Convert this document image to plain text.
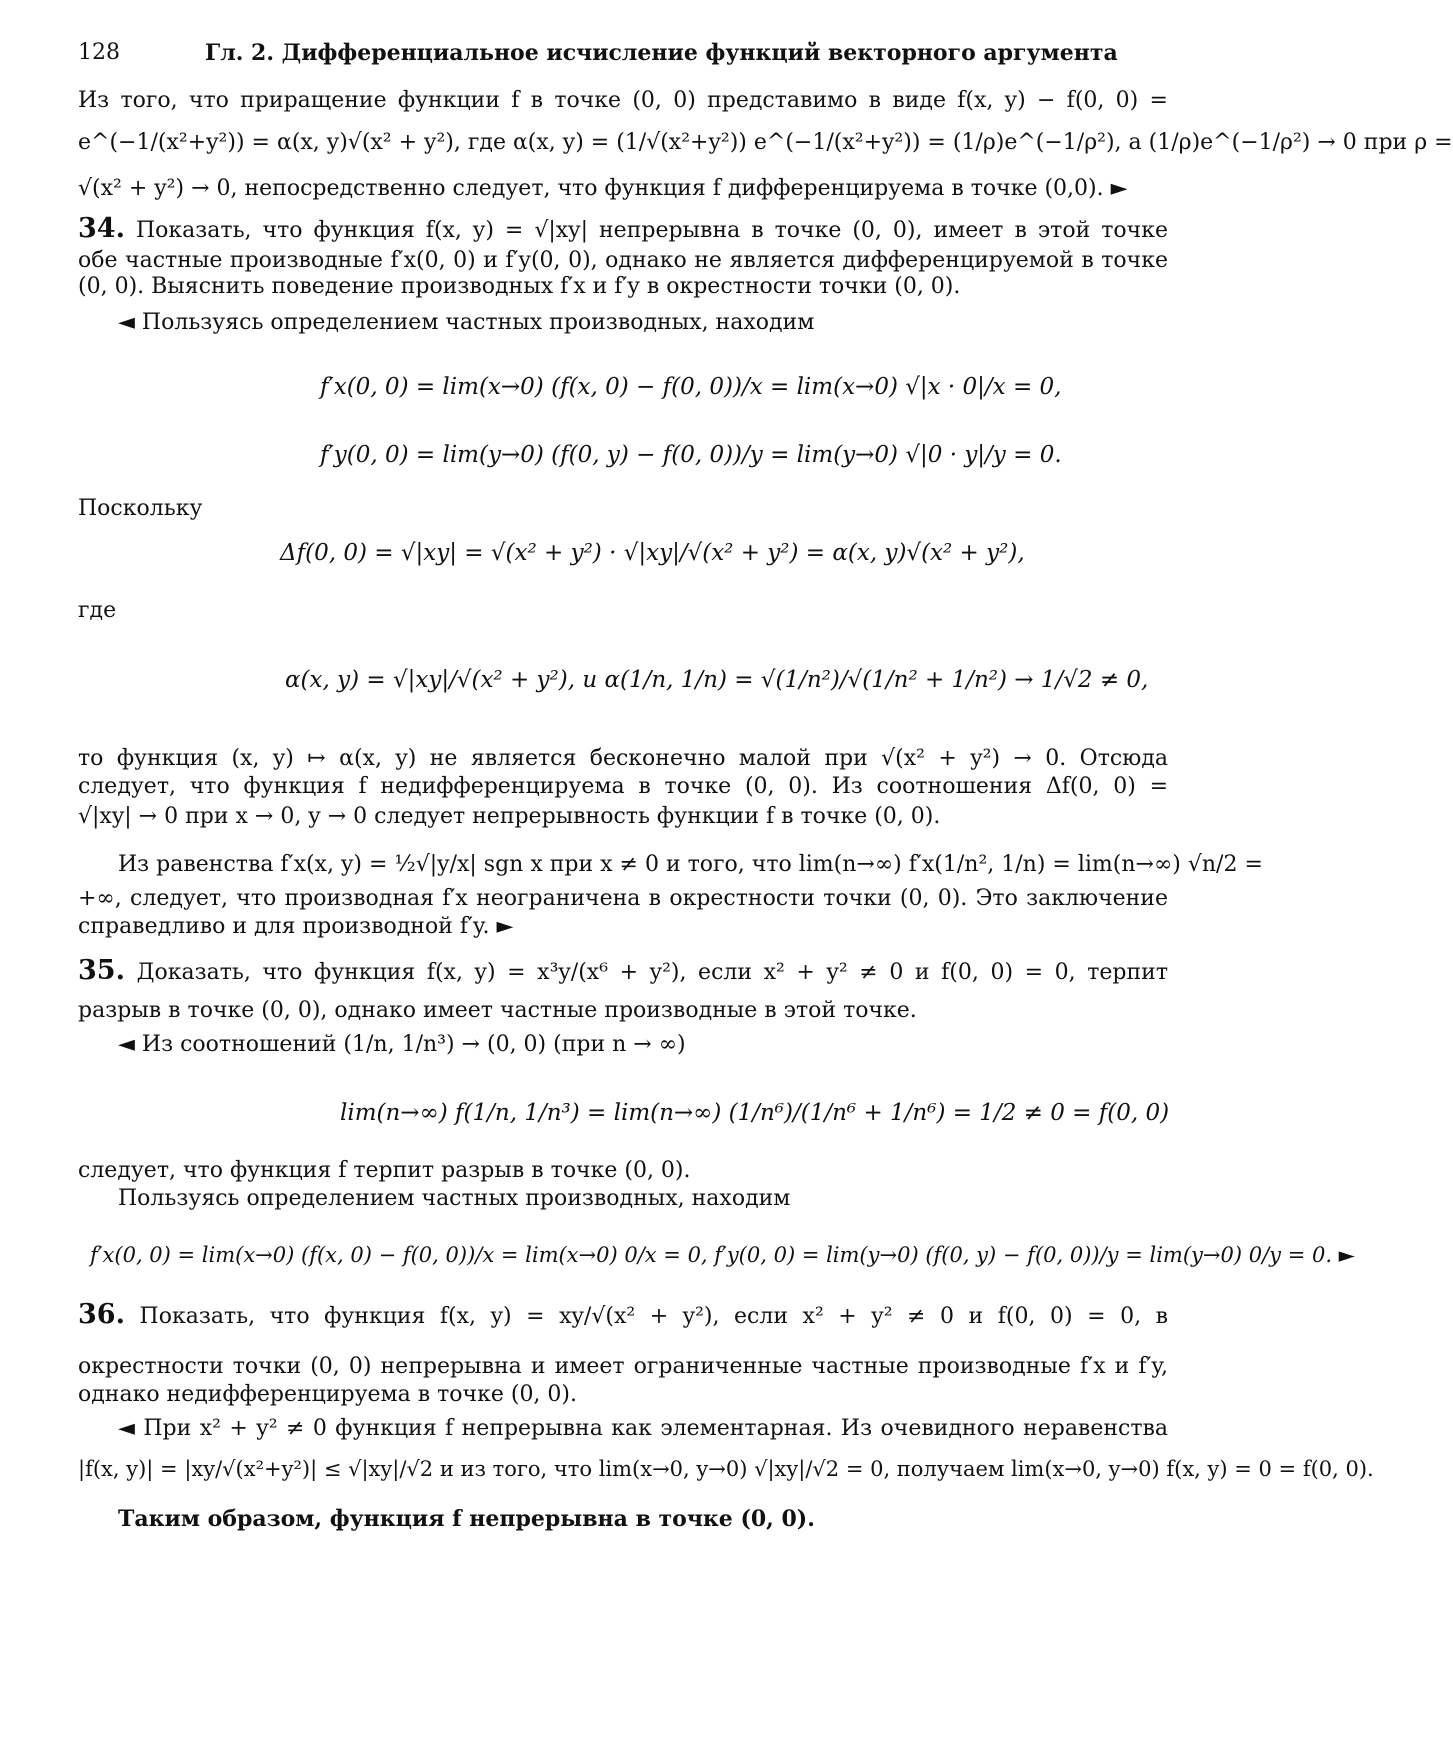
128	Гл. 2. Дифференциальное исчисление функций векторного аргумента
Из того, что приращение функции f в точке (0, 0) представимо в виде f(x, y) − f(0, 0) =
e^(−1/(x²+y²)) = α(x, y)√(x² + y²), где α(x, y) = (1/√(x²+y²)) e^(−1/(x²+y²)) = (1/ρ)e^(−1/ρ²), а (1/ρ)e^(−1/ρ²) → 0 при ρ =
√(x² + y²) → 0, непосредственно следует, что функция f дифференцируема в точке (0,0). ►
34. Показать, что функция f(x, y) = √|xy| непрерывна в точке (0, 0), имеет в этой точке
обе частные производные f′x(0, 0) и f′y(0, 0), однако не является дифференцируемой в точке
(0, 0). Выяснить поведение производных f′x и f′y в окрестности точки (0, 0).
◄ Пользуясь определением частных производных, находим
f′x(0, 0) = lim(x→0) (f(x, 0) − f(0, 0))/x = lim(x→0) √|x · 0|/x = 0,
f′y(0, 0) = lim(y→0) (f(0, y) − f(0, 0))/y = lim(y→0) √|0 · y|/y = 0.
Поскольку
Δf(0, 0) = √|xy| = √(x² + y²) · √|xy|/√(x² + y²) = α(x, y)√(x² + y²),
где
α(x, y) = √|xy|/√(x² + y²), и α(1/n, 1/n) = √(1/n²)/√(1/n² + 1/n²) → 1/√2 ≠ 0,
то функция (x, y) ↦ α(x, y) не является бесконечно малой при √(x² + y²) → 0. Отсюда
следует, что функция f недифференцируема в точке (0, 0). Из соотношения Δf(0, 0) =
√|xy| → 0 при x → 0, y → 0 следует непрерывность функции f в точке (0, 0).
Из равенства f′x(x, y) = ½√|y/x| sgn x при x ≠ 0 и того, что lim(n→∞) f′x(1/n², 1/n) = lim(n→∞) √n/2 =
+∞, следует, что производная f′x неограничена в окрестности точки (0, 0). Это заключение
справедливо и для производной f′y. ►
35. Доказать, что функция f(x, y) = x³y/(x⁶ + y²), если x² + y² ≠ 0 и f(0, 0) = 0, терпит
разрыв в точке (0, 0), однако имеет частные производные в этой точке.
◄ Из соотношений (1/n, 1/n³) → (0, 0) (при n → ∞)
lim(n→∞) f(1/n, 1/n³) = lim(n→∞) (1/n⁶)/(1/n⁶ + 1/n⁶) = 1/2 ≠ 0 = f(0, 0)
следует, что функция f терпит разрыв в точке (0, 0).
Пользуясь определением частных производных, находим
f′x(0, 0) = lim(x→0) (f(x, 0) − f(0, 0))/x = lim(x→0) 0/x = 0, f′y(0, 0) = lim(y→0) (f(0, y) − f(0, 0))/y = lim(y→0) 0/y = 0. ►
36. Показать, что функция f(x, y) = xy/√(x² + y²), если x² + y² ≠ 0 и f(0, 0) = 0, в
окрестности точки (0, 0) непрерывна и имеет ограниченные частные производные f′x и f′y,
однако недифференцируема в точке (0, 0).
◄ При x² + y² ≠ 0 функция f непрерывна как элементарная. Из очевидного неравенства
|f(x, y)| = |xy/√(x²+y²)| ≤ √|xy|/√2 и из того, что lim(x→0, y→0) √|xy|/√2 = 0, получаем lim(x→0, y→0) f(x, y) = 0 = f(0, 0).
Таким образом, функция f непрерывна в точке (0, 0).
